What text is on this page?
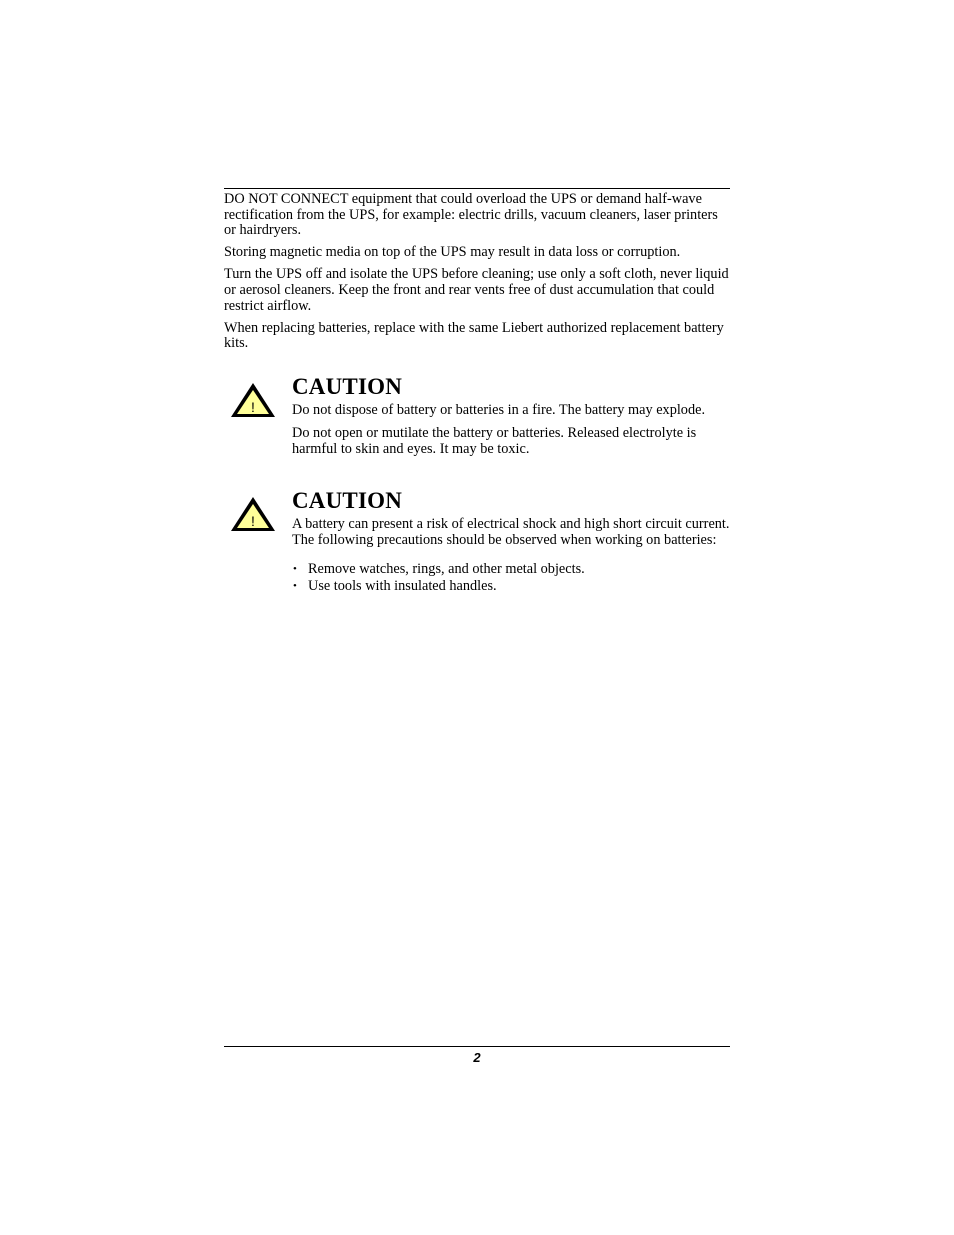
DO NOT CONNECT equipment that could overload the UPS or demand half-wave rectification from the UPS, for example: electric drills, vacuum cleaners, laser printers or hairdryers.

Storing magnetic media on top of the UPS may result in data loss or corruption.

Turn the UPS off and isolate the UPS before cleaning; use only a soft cloth, never liquid or aerosol cleaners. Keep the front and rear vents free of dust accumulation that could restrict airflow.

When replacing batteries, replace with the same Liebert authorized replacement battery kits.

!
CAUTION

Do not dispose of battery or batteries in a fire. The battery may explode.

Do not open or mutilate the battery or batteries. Released electrolyte is harmful to skin and eyes. It may be toxic.

!
CAUTION

A battery can present a risk of electrical shock and high short circuit current. The following precautions should be observed when working on batteries:

• Remove watches, rings, and other metal objects.
• Use tools with insulated handles.
2
